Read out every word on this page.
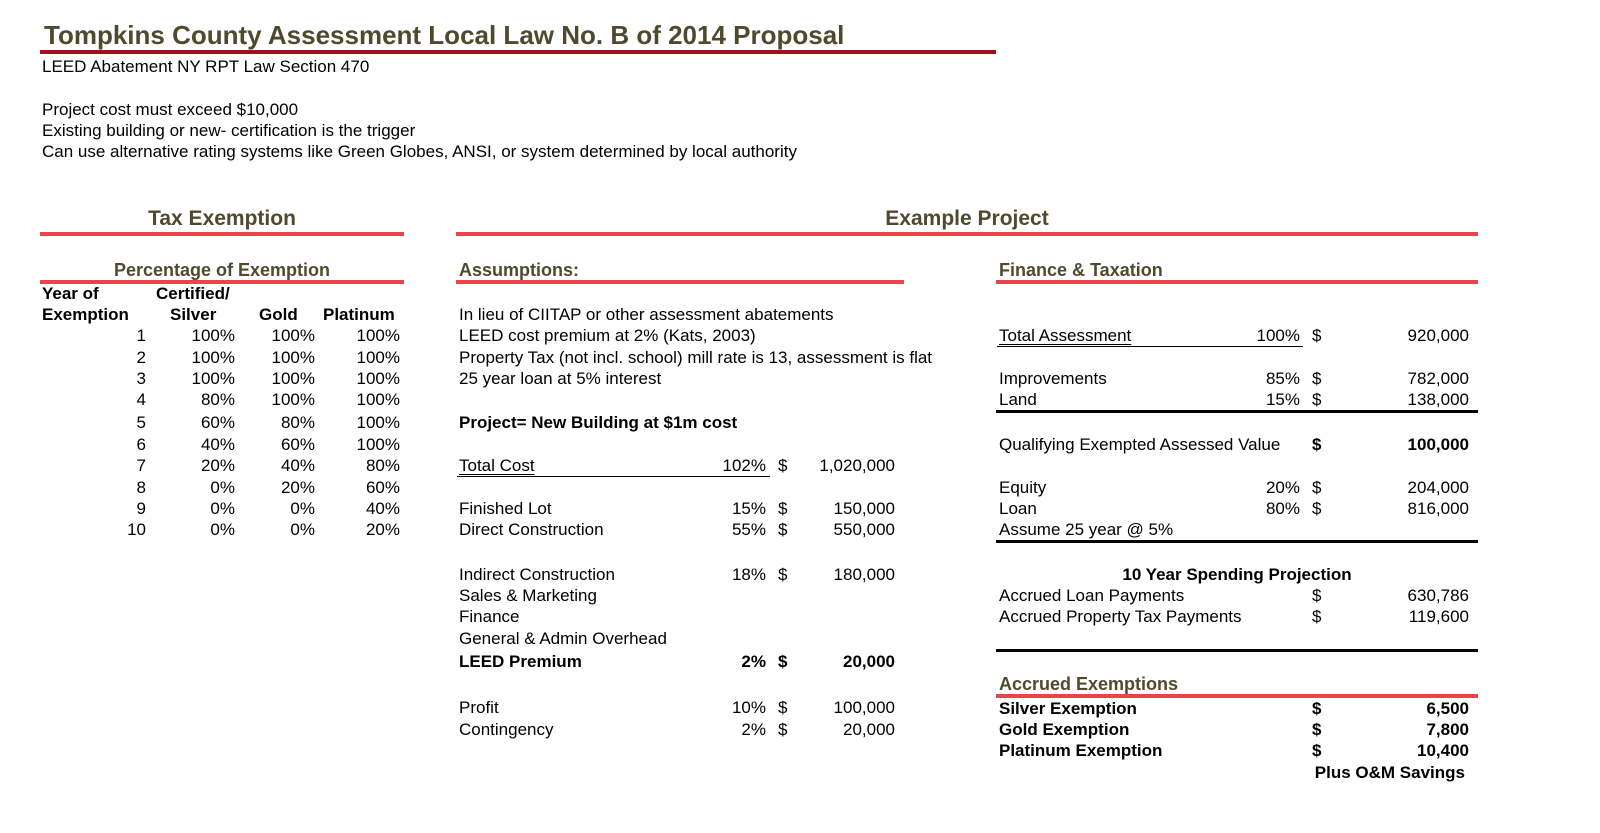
Tompkins County Assessment Local Law No. B of 2014 Proposal
LEED Abatement NY RPT Law Section 470
Project cost must exceed $10,000
Existing building or new- certification is the trigger
Can use alternative rating systems like Green Globes, ANSI, or system determined by local authority
Tax Exemption
Percentage of Exemption
Year of
Exemption
Certified/
Silver	Gold Platinum
1	100%	100%	100%
2	100%	100%	100%
3	100%	100%	100%
4	80%	100%	100%
5	60%	80%	100%
6	40%	60%	100%
7	20%	40%	80%
8	0%	20%	60%
9	0%	0%	40%
10	0%	0%	20%
Example Project
Assumptions:
In lieu of CIITAP or other assessment abatements
LEED cost premium at 2% (Kats, 2003)
Property Tax (not incl. school) mill rate is 13, assessment is flat
25 year loan at 5% interest
Project= New Building at $1m cost
Total Cost	102% $	1,020,000
Finished Lot	15% $	150,000
Direct Construction	55% $	550,000
Indirect Construction	18% $	180,000
Sales & Marketing
Finance
General & Admin Overhead
LEED Premium	2% $	20,000
Profit	10% $	100,000
Contingency	2% $	20,000
Finance & Taxation
Total Assessment	100% $	920,000
Improvements	85% $	782,000
Land	15% $	138,000
Qualifying Exempted Assessed Value $	100,000
Equity	20% $	204,000
Loan	80% $	816,000
Assume 25 year @ 5%
10 Year Spending Projection
Accrued Loan Payments	$	630,786
Accrued Property Tax Payments	$	119,600
Accrued Exemptions
Silver Exemption	$	6,500
Gold Exemption	$	7,800
Platinum Exemption	$	10,400
Plus O&M Savings
